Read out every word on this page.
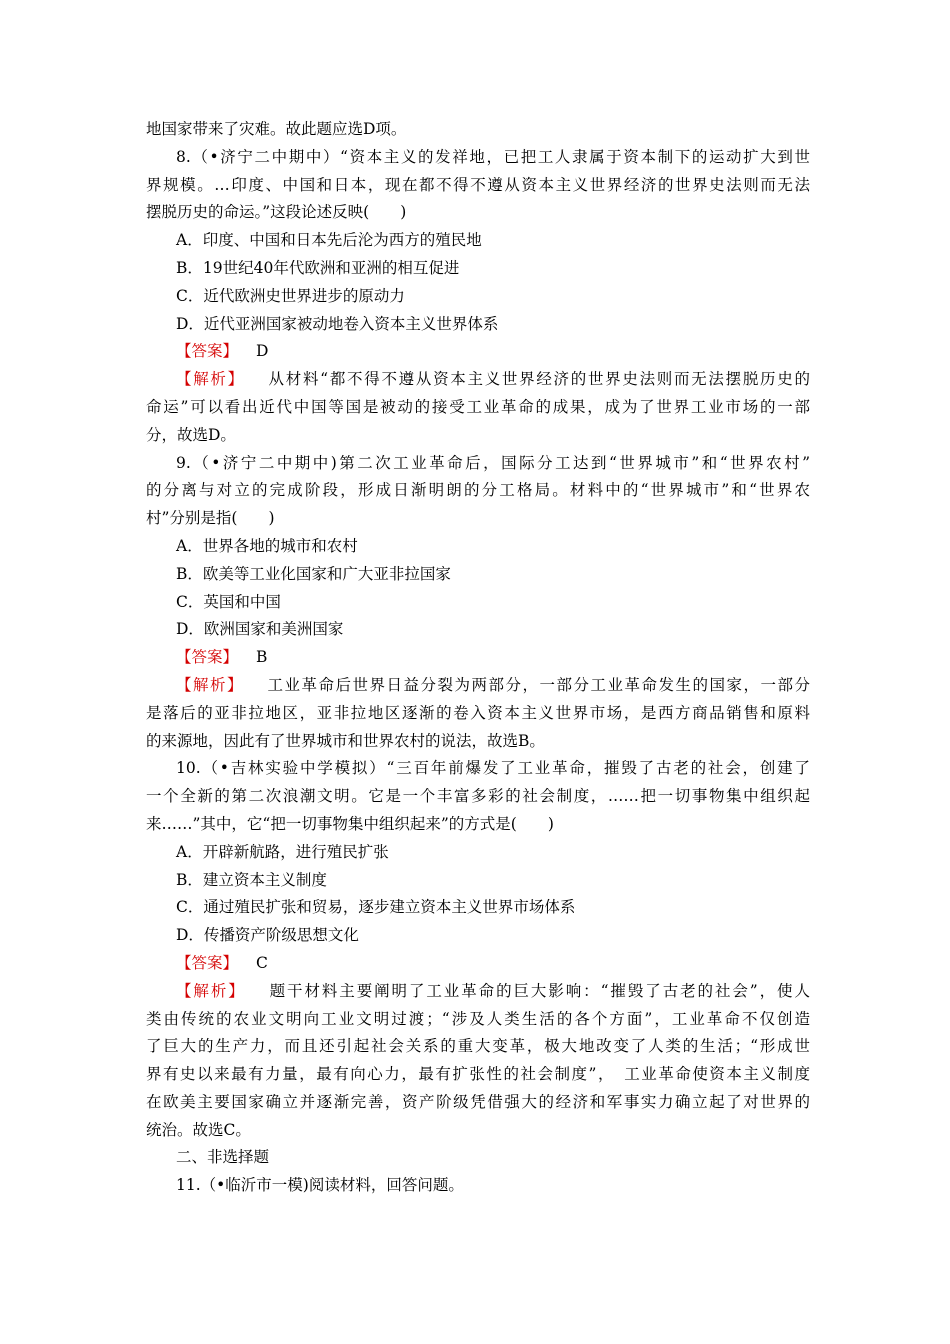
地国家带来了灾难。故此题应选D项。
8.（•济宁二中期中）“资本主义的发祥地，已把工人隶属于资本制下的运动扩大到世
界规模。…印度、中国和日本，现在都不得不遵从资本主义世界经济的世界史法则而无法
摆脱历史的命运。”这段论述反映(　　)
A．印度、中国和日本先后沦为西方的殖民地
B．19世纪40年代欧洲和亚洲的相互促进
C．近代欧洲史世界进步的原动力
D．近代亚洲国家被动地卷入资本主义世界体系
【答案】 D
【解析】 从材料“都不得不遵从资本主义世界经济的世界史法则而无法摆脱历史的
命运”可以看出近代中国等国是被动的接受工业革命的成果，成为了世界工业市场的一部
分，故选D。
9.（•济宁二中期中)第二次工业革命后，国际分工达到“世界城市”和“世界农村”
的分离与对立的完成阶段，形成日渐明朗的分工格局。材料中的“世界城市”和“世界农
村”分别是指(　　)
A．世界各地的城市和农村
B．欧美等工业化国家和广大亚非拉国家
C．英国和中国
D．欧洲国家和美洲国家
【答案】 B
【解析】 工业革命后世界日益分裂为两部分，一部分工业革命发生的国家，一部分
是落后的亚非拉地区，亚非拉地区逐渐的卷入资本主义世界市场，是西方商品销售和原料
的来源地，因此有了世界城市和世界农村的说法，故选B。
10.（•吉林实验中学模拟）“三百年前爆发了工业革命，摧毁了古老的社会，创建了
一个全新的第二次浪潮文明。它是一个丰富多彩的社会制度，……把一切事物集中组织起
来……”其中，它“把一切事物集中组织起来”的方式是(　　)
A．开辟新航路，进行殖民扩张
B．建立资本主义制度
C．通过殖民扩张和贸易，逐步建立资本主义世界市场体系
D．传播资产阶级思想文化
【答案】 C
【解析】 题干材料主要阐明了工业革命的巨大影响：“摧毁了古老的社会”，使人
类由传统的农业文明向工业文明过渡；“涉及人类生活的各个方面”，工业革命不仅创造
了巨大的生产力，而且还引起社会关系的重大变革，极大地改变了人类的生活；“形成世
界有史以来最有力量，最有向心力，最有扩张性的社会制度”，　工业革命使资本主义制度
在欧美主要国家确立并逐渐完善，资产阶级凭借强大的经济和军事实力确立起了对世界的
统治。故选C。
二、非选择题
11.（•临沂市一模)阅读材料，回答问题。
